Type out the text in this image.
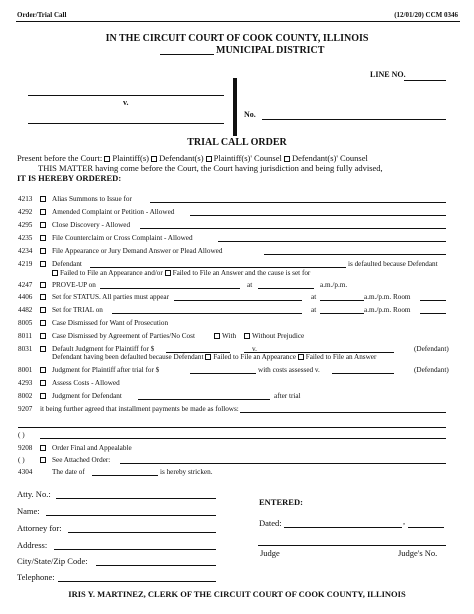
Order/Trial Call	(12/01/20) CCM 0346
IN THE CIRCUIT COURT OF COOK COUNTY, ILLINOIS
MUNICIPAL DISTRICT
LINE NO.
v.
No.
TRIAL CALL ORDER
Present before the Court: Plaintiff(s) Defendant(s) Plaintiff(s)' Counsel Defendant(s)' Counsel
THIS MATTER having come before the Court, the Court having jurisdiction and being fully advised,
IT IS HEREBY ORDERED:
4213	Alias Summons to Issue for
4292	Amended Complaint or Petition - Allowed
4295	Close Discovery - Allowed
4235	File Counterclaim or Cross Complaint - Allowed
4234	File Appearance or Jury Demand Answer or Plead Allowed
4219	Defendant	is defaulted because Defendant
Failed to File an Appearance and/or Failed to File an Answer and the cause is set for
4247	PROVE-UP on	at	a.m./p.m.
4406	Set for STATUS. All parties must appear	at	a.m./p.m. Room
4482	Set for TRIAL on	at	a.m./p.m. Room
8005	Case Dismissed for Want of Prosecution
8011	Case Dismissed by Agreement of Parties/No Cost	With	Without Prejudice
8031	Default Judgment for Plaintiff for $	v.	(Defendant)
Defendant having been defaulted because Defendant Failed to File an Appearance Failed to File an Answer
8001	Judgment for Plaintiff after trial for $	with costs assessed v.	(Defendant)
4293	Assess Costs - Allowed
8002	Judgment for Defendant	after trial
9207	it being further agreed that installment payments be made as follows:
( )
9208	Order Final and Appealable
( )	See Attached Order:
4304	The date of	is hereby stricken.
Atty. No.:
Name:
Attorney for:
Address:
City/State/Zip Code:
Telephone:
ENTERED:
Dated:	,
Judge	Judge's No.
IRIS Y. MARTINEZ, CLERK OF THE CIRCUIT COURT OF COOK COUNTY, ILLINOIS
